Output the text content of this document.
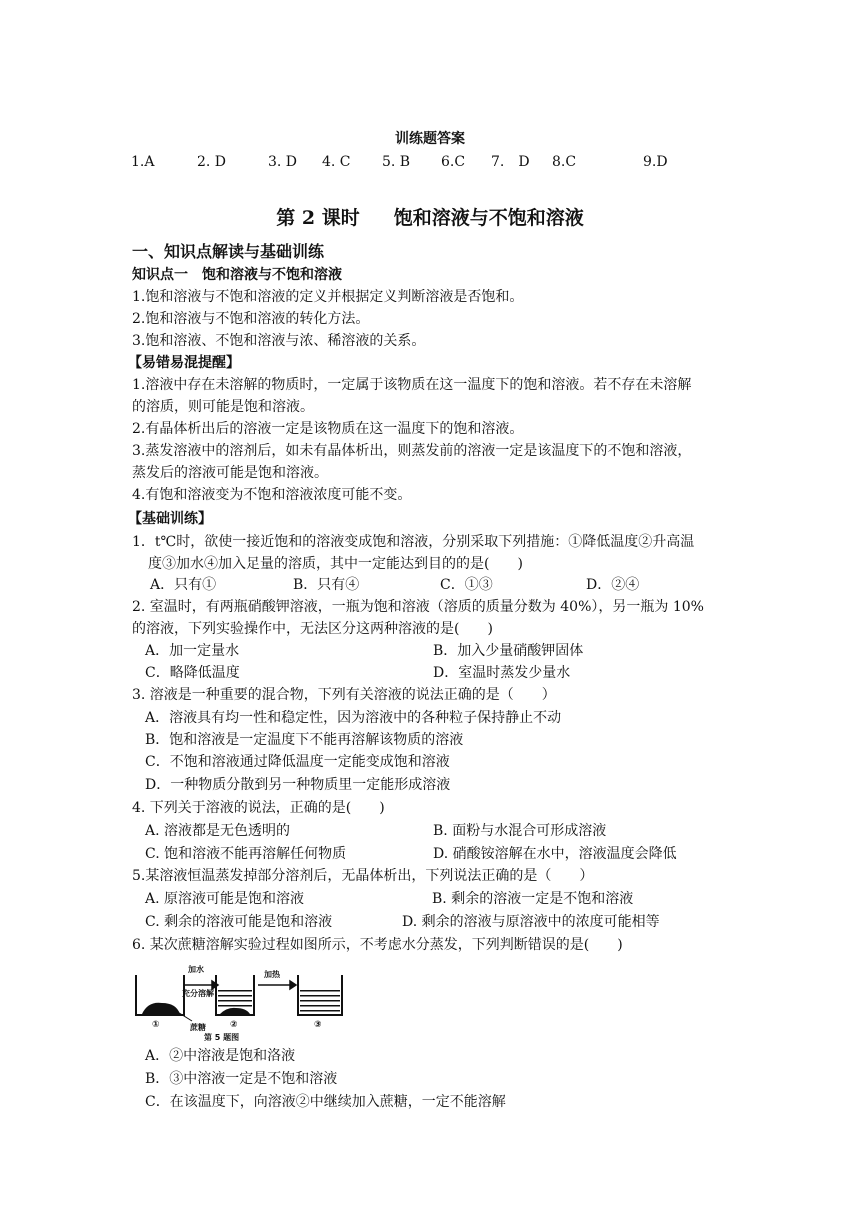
训练题答案
1.A	2. D	3. D 4. C 5. B 6.C 7.　D 8.C	9.D
第 2 课时 饱和溶液与不饱和溶液
一、知识点解读与基础训练
知识点一 饱和溶液与不饱和溶液
1.饱和溶液与不饱和溶液的定义并根据定义判断溶液是否饱和。
2.饱和溶液与不饱和溶液的转化方法。
3.饱和溶液、不饱和溶液与浓、稀溶液的关系。
【易错易混提醒】
1.溶液中存在未溶解的物质时，一定属于该物质在这一温度下的饱和溶液。若不存在未溶解
的溶质，则可能是饱和溶液。
2.有晶体析出后的溶液一定是该物质在这一温度下的饱和溶液。
3.蒸发溶液中的溶剂后，如未有晶体析出，则蒸发前的溶液一定是该温度下的不饱和溶液，
蒸发后的溶液可能是饱和溶液。
4.有饱和溶液变为不饱和溶液浓度可能不变。
【基础训练】
1．t℃时，欲使一接近饱和的溶液变成饱和溶液，分别采取下列措施：①降低温度②升高温
度③加水④加入足量的溶质，其中一定能达到目的的是(　　)
A．只有①	B．只有④	C．①③	D．②④
2. 室温时，有两瓶硝酸钾溶液，一瓶为饱和溶液（溶质的质量分数为 40%），另一瓶为 10%
的溶液，下列实验操作中，无法区分这两种溶液的是(　　)
A．加一定量水	B．加入少量硝酸钾固体
C．略降低温度	D．室温时蒸发少量水
3. 溶液是一种重要的混合物，下列有关溶液的说法正确的是（　　）
A．溶液具有均一性和稳定性，因为溶液中的各种粒子保持静止不动
B．饱和溶液是一定温度下不能再溶解该物质的溶液
C．不饱和溶液通过降低温度一定能变成饱和溶液
D．一种物质分散到另一种物质里一定能形成溶液
4. 下列关于溶液的说法，正确的是(　　)
A. 溶液都是无色透明的	B. 面粉与水混合可形成溶液
C. 饱和溶液不能再溶解任何物质	D. 硝酸铵溶解在水中，溶液温度会降低
5.某溶液恒温蒸发掉部分溶剂后，无晶体析出，下列说法正确的是（　　）
A. 原溶液可能是饱和溶液	B. 剩余的溶液一定是不饱和溶液
C. 剩余的溶液可能是饱和溶液	D. 剩余的溶液与原溶液中的浓度可能相等
6. 某次蔗糖溶解实验过程如图所示，不考虑水分蒸发，下列判断错误的是(　　)
加水
充分溶解
加热
蔗糖
①	②	③
第 5 题图
A．②中溶液是饱和洛液
B．③中溶液一定是不饱和溶液
C．在该温度下，向溶液②中继续加入蔗糖，一定不能溶解
